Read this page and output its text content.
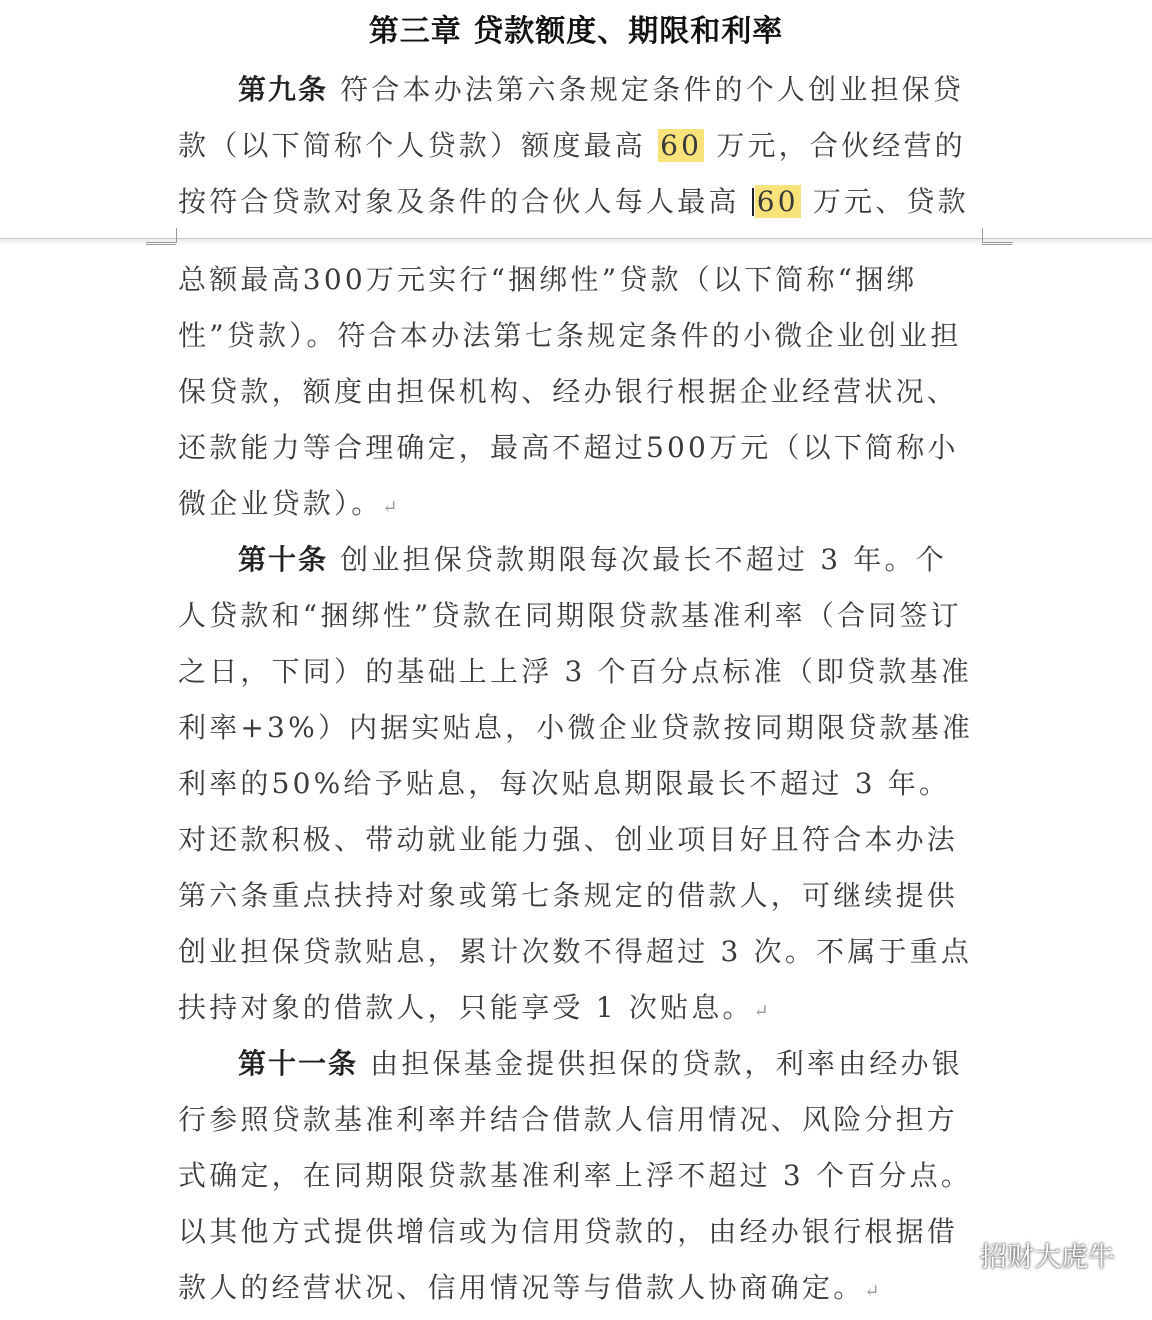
第三章 贷款额度、期限和利率
第九条 符合本办法第六条规定条件的个人创业担保贷款（以下简称个人贷款）额度最高 60 万元，合伙经营的按符合贷款对象及条件的合伙人每人最高 60 万元、贷款
总额最高300万元实行“捆绑性”贷款（以下简称“捆绑性”贷款）。符合本办法第七条规定条件的小微企业创业担保贷款，额度由担保机构、经办银行根据企业经营状况、还款能力等合理确定，最高不超过500万元（以下简称小微企业贷款）。↵
第十条 创业担保贷款期限每次最长不超过 3 年。个人贷款和“捆绑性”贷款在同期限贷款基准利率（合同签订之日，下同）的基础上上浮 3 个百分点标准（即贷款基准利率+3%）内据实贴息，小微企业贷款按同期限贷款基准利率的50%给予贴息，每次贴息期限最长不超过 3 年。对还款积极、带动就业能力强、创业项目好且符合本办法第六条重点扶持对象或第七条规定的借款人，可继续提供创业担保贷款贴息，累计次数不得超过 3 次。不属于重点扶持对象的借款人，只能享受 1 次贴息。↵
第十一条 由担保基金提供担保的贷款，利率由经办银行参照贷款基准利率并结合借款人信用情况、风险分担方式确定，在同期限贷款基准利率上浮不超过 3 个百分点。以其他方式提供增信或为信用贷款的，由经办银行根据借款人的经营状况、信用情况等与借款人协商确定。↵
招财大虎牛
